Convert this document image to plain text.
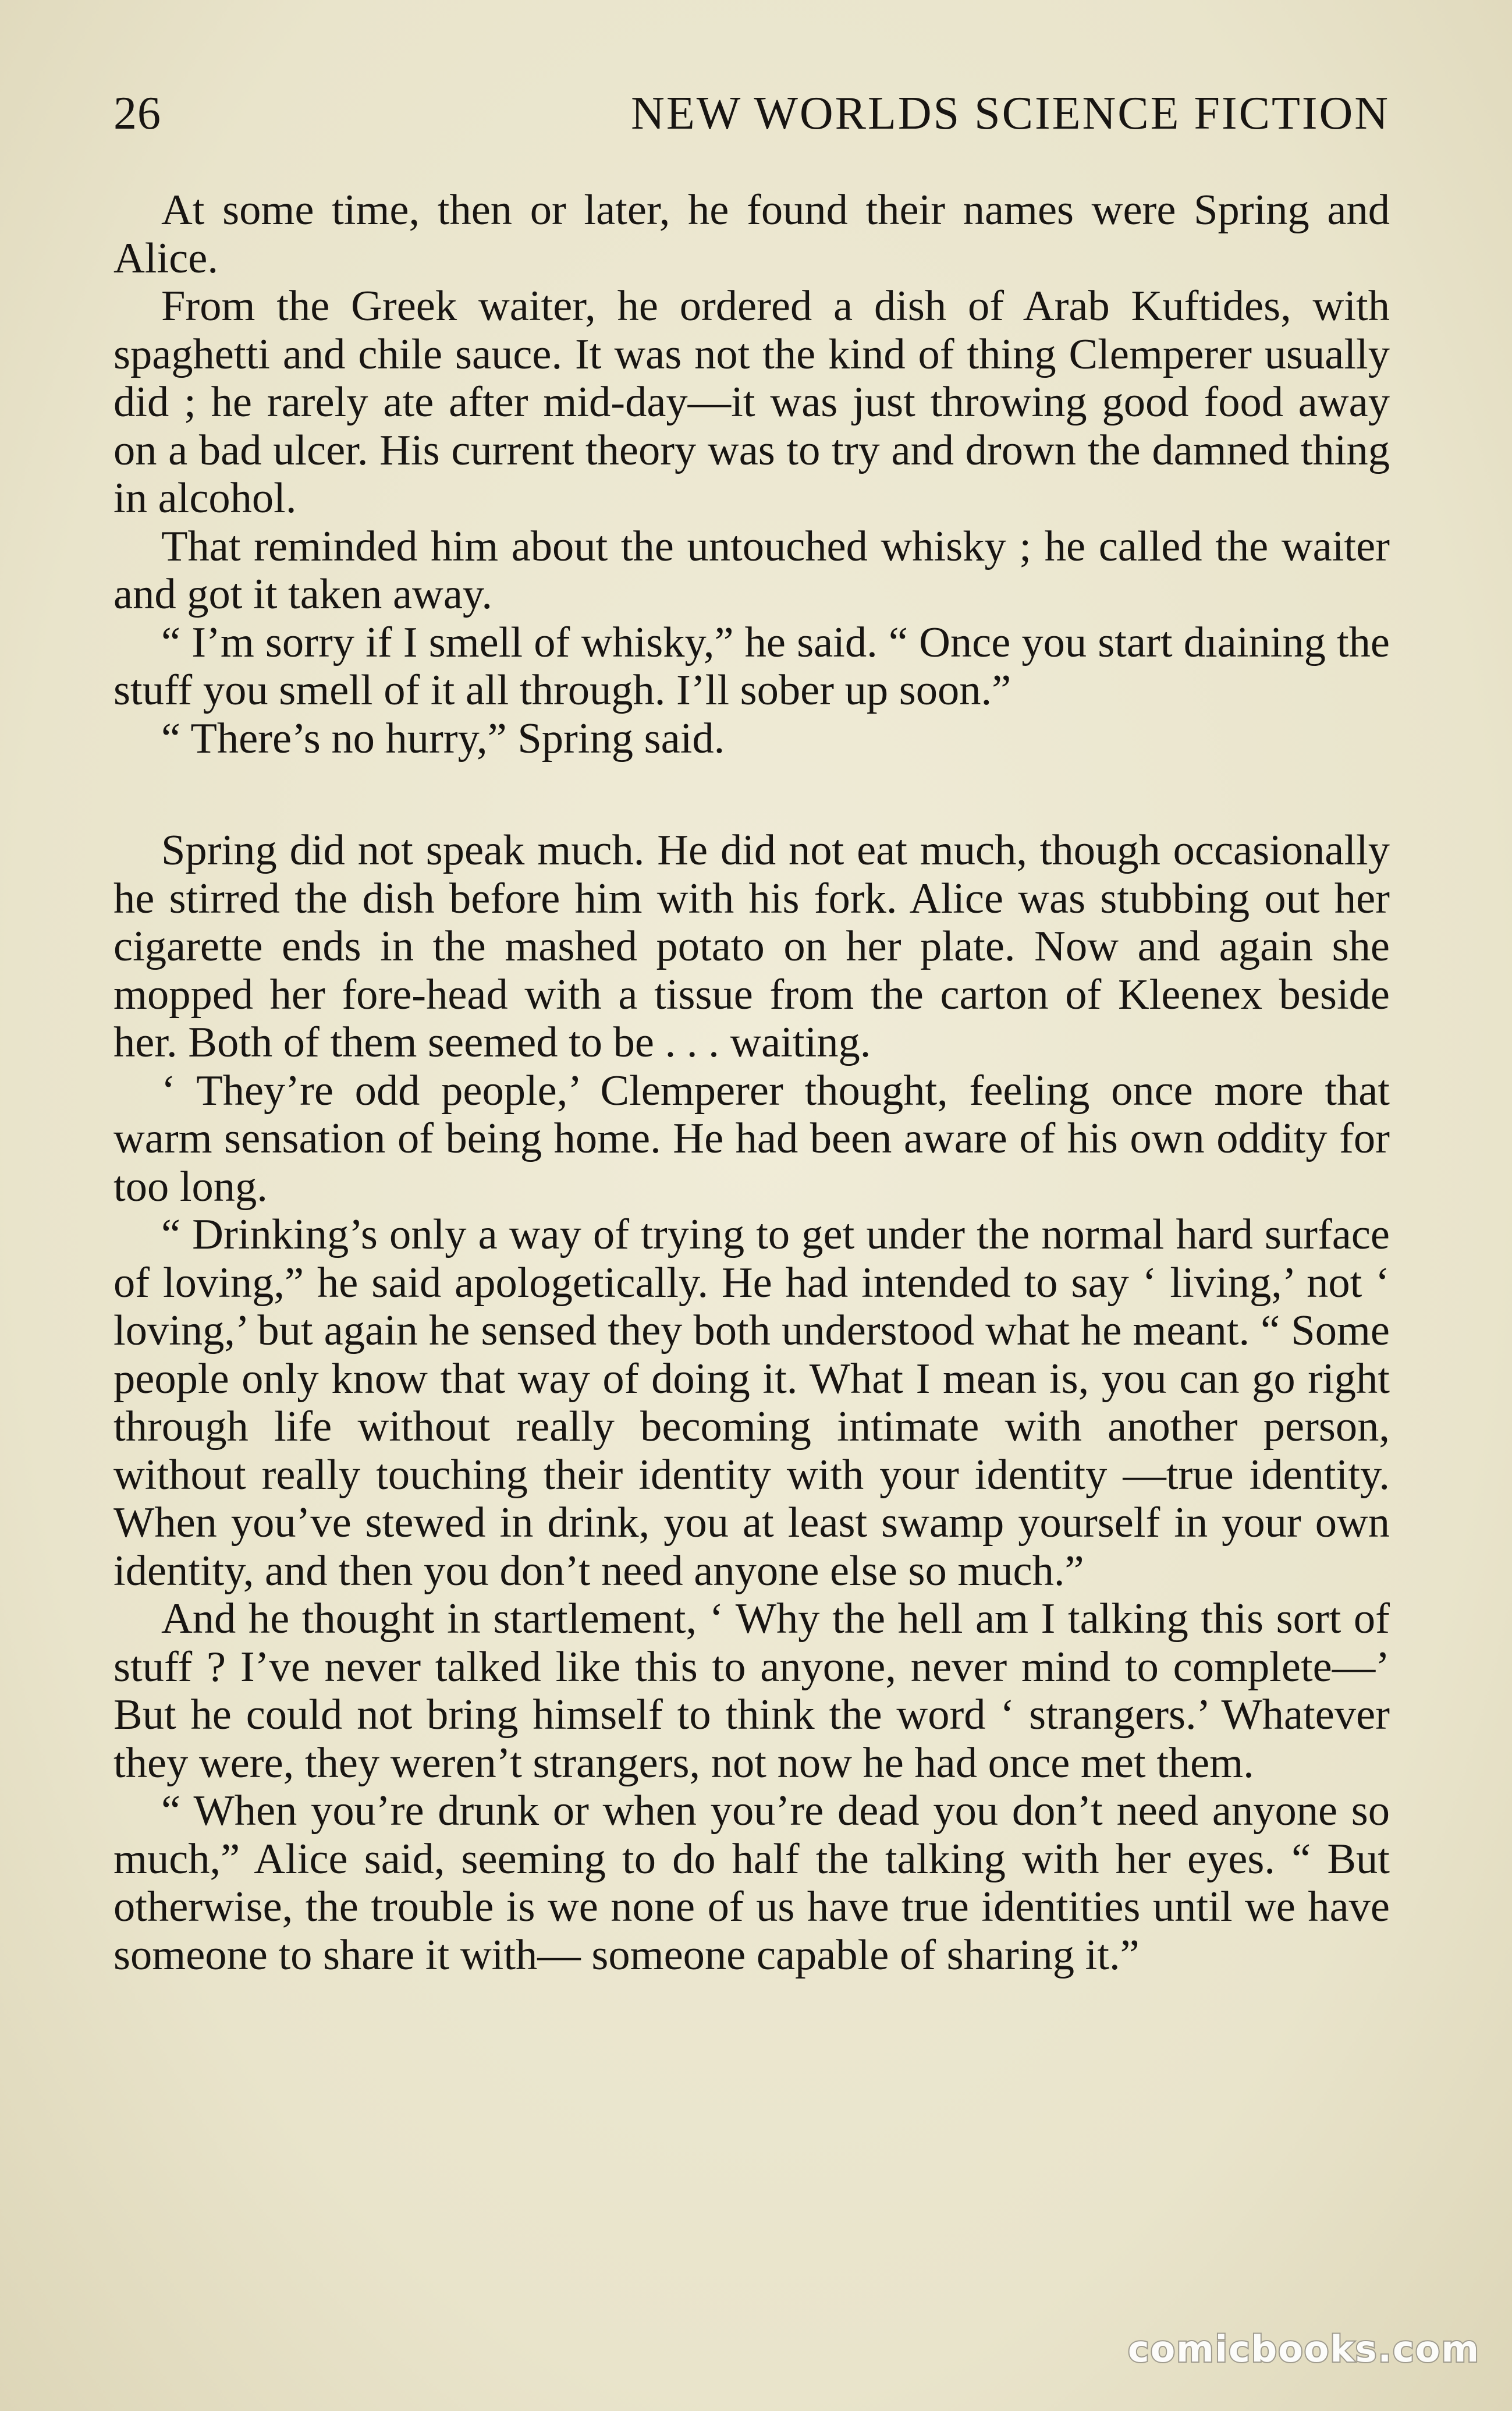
26	NEW WORLDS SCIENCE FICTION

At some time, then or later, he found their names were Spring and Alice.

From the Greek waiter, he ordered a dish of Arab Kuftides, with spaghetti and chile sauce. It was not the kind of thing Clemperer usually did ; he rarely ate after mid-day—it was just throwing good food away on a bad ulcer. His current theory was to try and drown the damned thing in alcohol.

That reminded him about the untouched whisky ; he called the waiter and got it taken away.

“ I’m sorry if I smell of whisky,” he said. “ Once you start dıaining the stuff you smell of it all through. I’ll sober up soon.”

“ There’s no hurry,” Spring said.

Spring did not speak much. He did not eat much, though occasionally he stirred the dish before him with his fork. Alice was stubbing out her cigarette ends in the mashed potato on her plate. Now and again she mopped her fore-head with a tissue from the carton of Kleenex beside her. Both of them seemed to be . . . waiting.

‘ They’re odd people,’ Clemperer thought, feeling once more that warm sensation of being home. He had been aware of his own oddity for too long.

“ Drinking’s only a way of trying to get under the normal hard surface of loving,” he said apologetically. He had intended to say ‘ living,’ not ‘ loving,’ but again he sensed they both understood what he meant. “ Some people only know that way of doing it. What I mean is, you can go right through life without really becoming intimate with another person, without really touching their identity with your identity —true identity. When you’ve stewed in drink, you at least swamp yourself in your own identity, and then you don’t need anyone else so much.”

And he thought in startlement, ‘ Why the hell am I talking this sort of stuff ? I’ve never talked like this to anyone, never mind to complete—’ But he could not bring himself to think the word ‘ strangers.’ Whatever they were, they weren’t strangers, not now he had once met them.

“ When you’re drunk or when you’re dead you don’t need anyone so much,” Alice said, seeming to do half the talking with her eyes. “ But otherwise, the trouble is we none of us have true identities until we have someone to share it with— someone capable of sharing it.”

comicbooks.com
